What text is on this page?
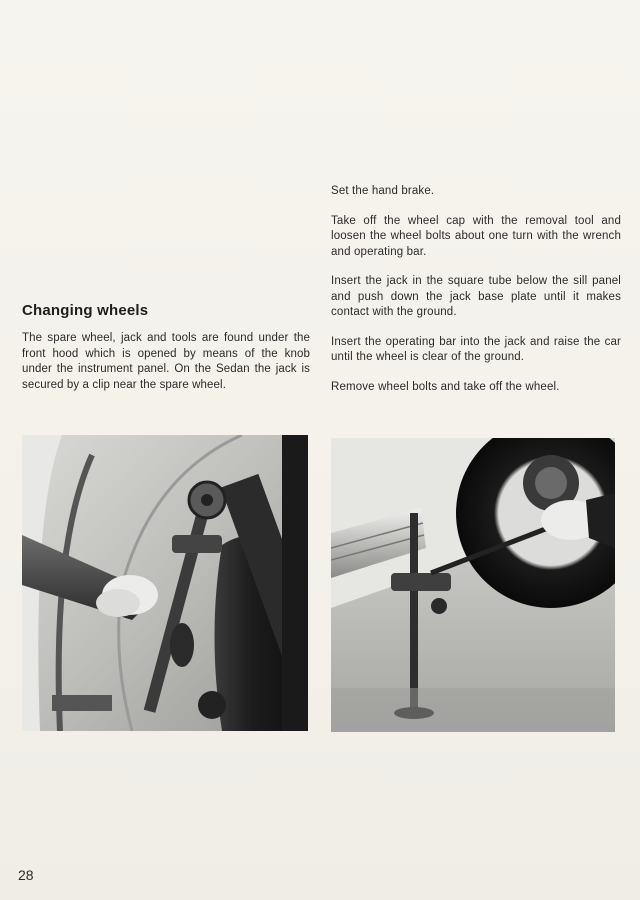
Set the hand brake.

Take off the wheel cap with the removal tool and loosen the wheel bolts about one turn with the wrench and operating bar.

Insert the jack in the square tube below the sill panel and push down the jack base plate until it makes contact with the ground.

Insert the operating bar into the jack and raise the car until the wheel is clear of the ground.

Remove wheel bolts and take off the wheel.

Changing wheels

The spare wheel, jack and tools are found under the front hood which is opened by means of the knob under the instrument panel. On the Sedan the jack is secured by a clip near the spare wheel.

28
